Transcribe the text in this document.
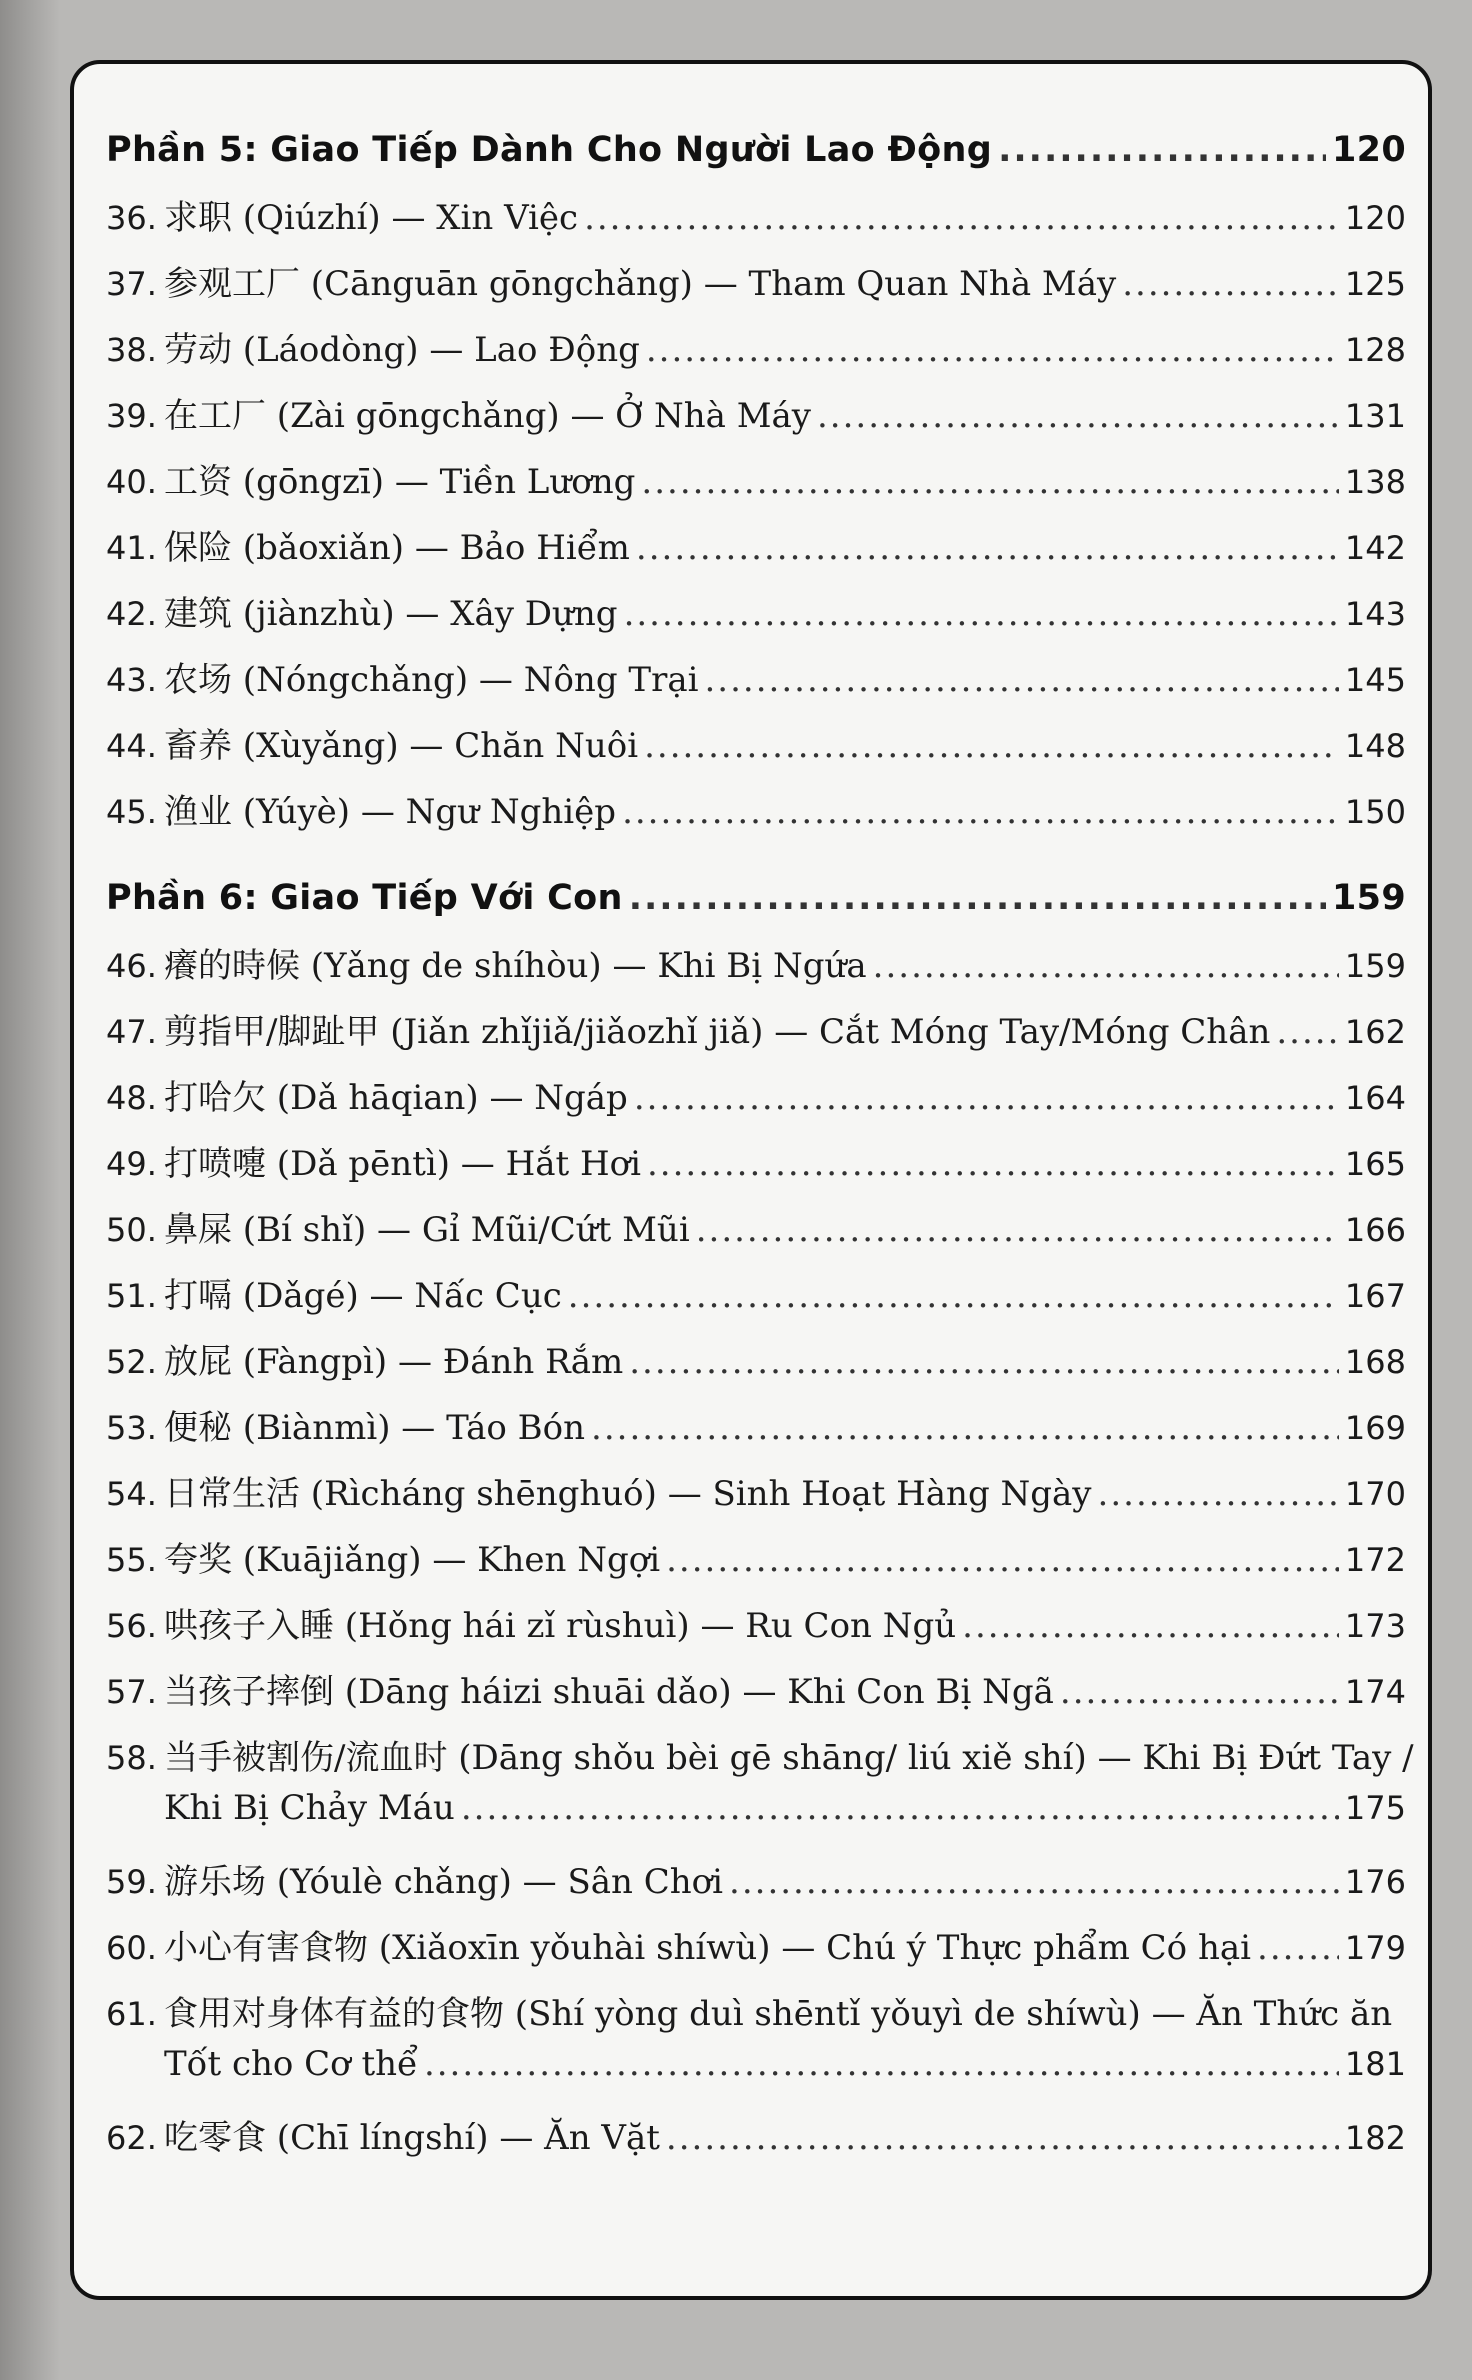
Phần 5: Giao Tiếp Dành Cho Người Lao Động .....	120
36. 求职 (Qiúzhí) — Xin Việc .....	120
37. 参观工厂 (Cānguān gōngchǎng) — Tham Quan Nhà Máy .....	125
38. 劳动 (Láodòng) — Lao Động .....	128
39. 在工厂 (Zài gōngchǎng) — Ở Nhà Máy .....	131
40. 工资 (gōngzī) — Tiền Lương .....	138
41. 保险 (bǎoxiǎn) — Bảo Hiểm .....	142
42. 建筑 (jiànzhù) — Xây Dựng .....	143
43. 农场 (Nóngchǎng) — Nông Trại .....	145
44. 畜养 (Xùyǎng) — Chăn Nuôi .....	148
45. 渔业 (Yúyè) — Ngư Nghiệp .....	150
Phần 6: Giao Tiếp Với Con .....	159
46. 癢的時候 (Yǎng de shíhòu) — Khi Bị Ngứa .....	159
47. 剪指甲/脚趾甲 (Jiǎn zhǐjiǎ/jiǎozhǐ jiǎ) — Cắt Móng Tay/Móng Chân ..... 162
48. 打哈欠 (Dǎ hāqian) — Ngáp .....	164
49. 打喷嚏 (Dǎ pēntì) — Hắt Hơi .....	165
50. 鼻屎 (Bí shǐ) — Gỉ Mũi/Cứt Mũi .....	166
51. 打嗝 (Dǎgé) — Nấc Cục .....	167
52. 放屁 (Fàngpì) — Đánh Rắm .....	168
53. 便秘 (Biànmì) — Táo Bón .....	169
54. 日常生活 (Rìcháng shēnghuó) — Sinh Hoạt Hàng Ngày .....	170
55. 夸奖 (Kuājiǎng) — Khen Ngợi .....	172
56. 哄孩子入睡 (Hǒng hái zǐ rùshuì) — Ru Con Ngủ .....	173
57. 当孩子摔倒 (Dāng háizi shuāi dǎo) — Khi Con Bị Ngã .....	174
58. 当手被割伤/流血时 (Dāng shǒu bèi gē shāng/ liú xiě shí) — Khi Bị Đứt Tay /
Khi Bị Chảy Máu .....	175
59. 游乐场 (Yóulè chǎng) — Sân Chơi .....	176
60. 小心有害食物 (Xiǎoxīn yǒuhài shíwù) — Chú ý Thực phẩm Có hại .....	179
61. 食用对身体有益的食物 (Shí yòng duì shēntǐ yǒuyì de shíwù) — Ăn Thức ăn
Tốt cho Cơ thể .....	181
62. 吃零食 (Chī língshí) — Ăn Vặt .....	182
